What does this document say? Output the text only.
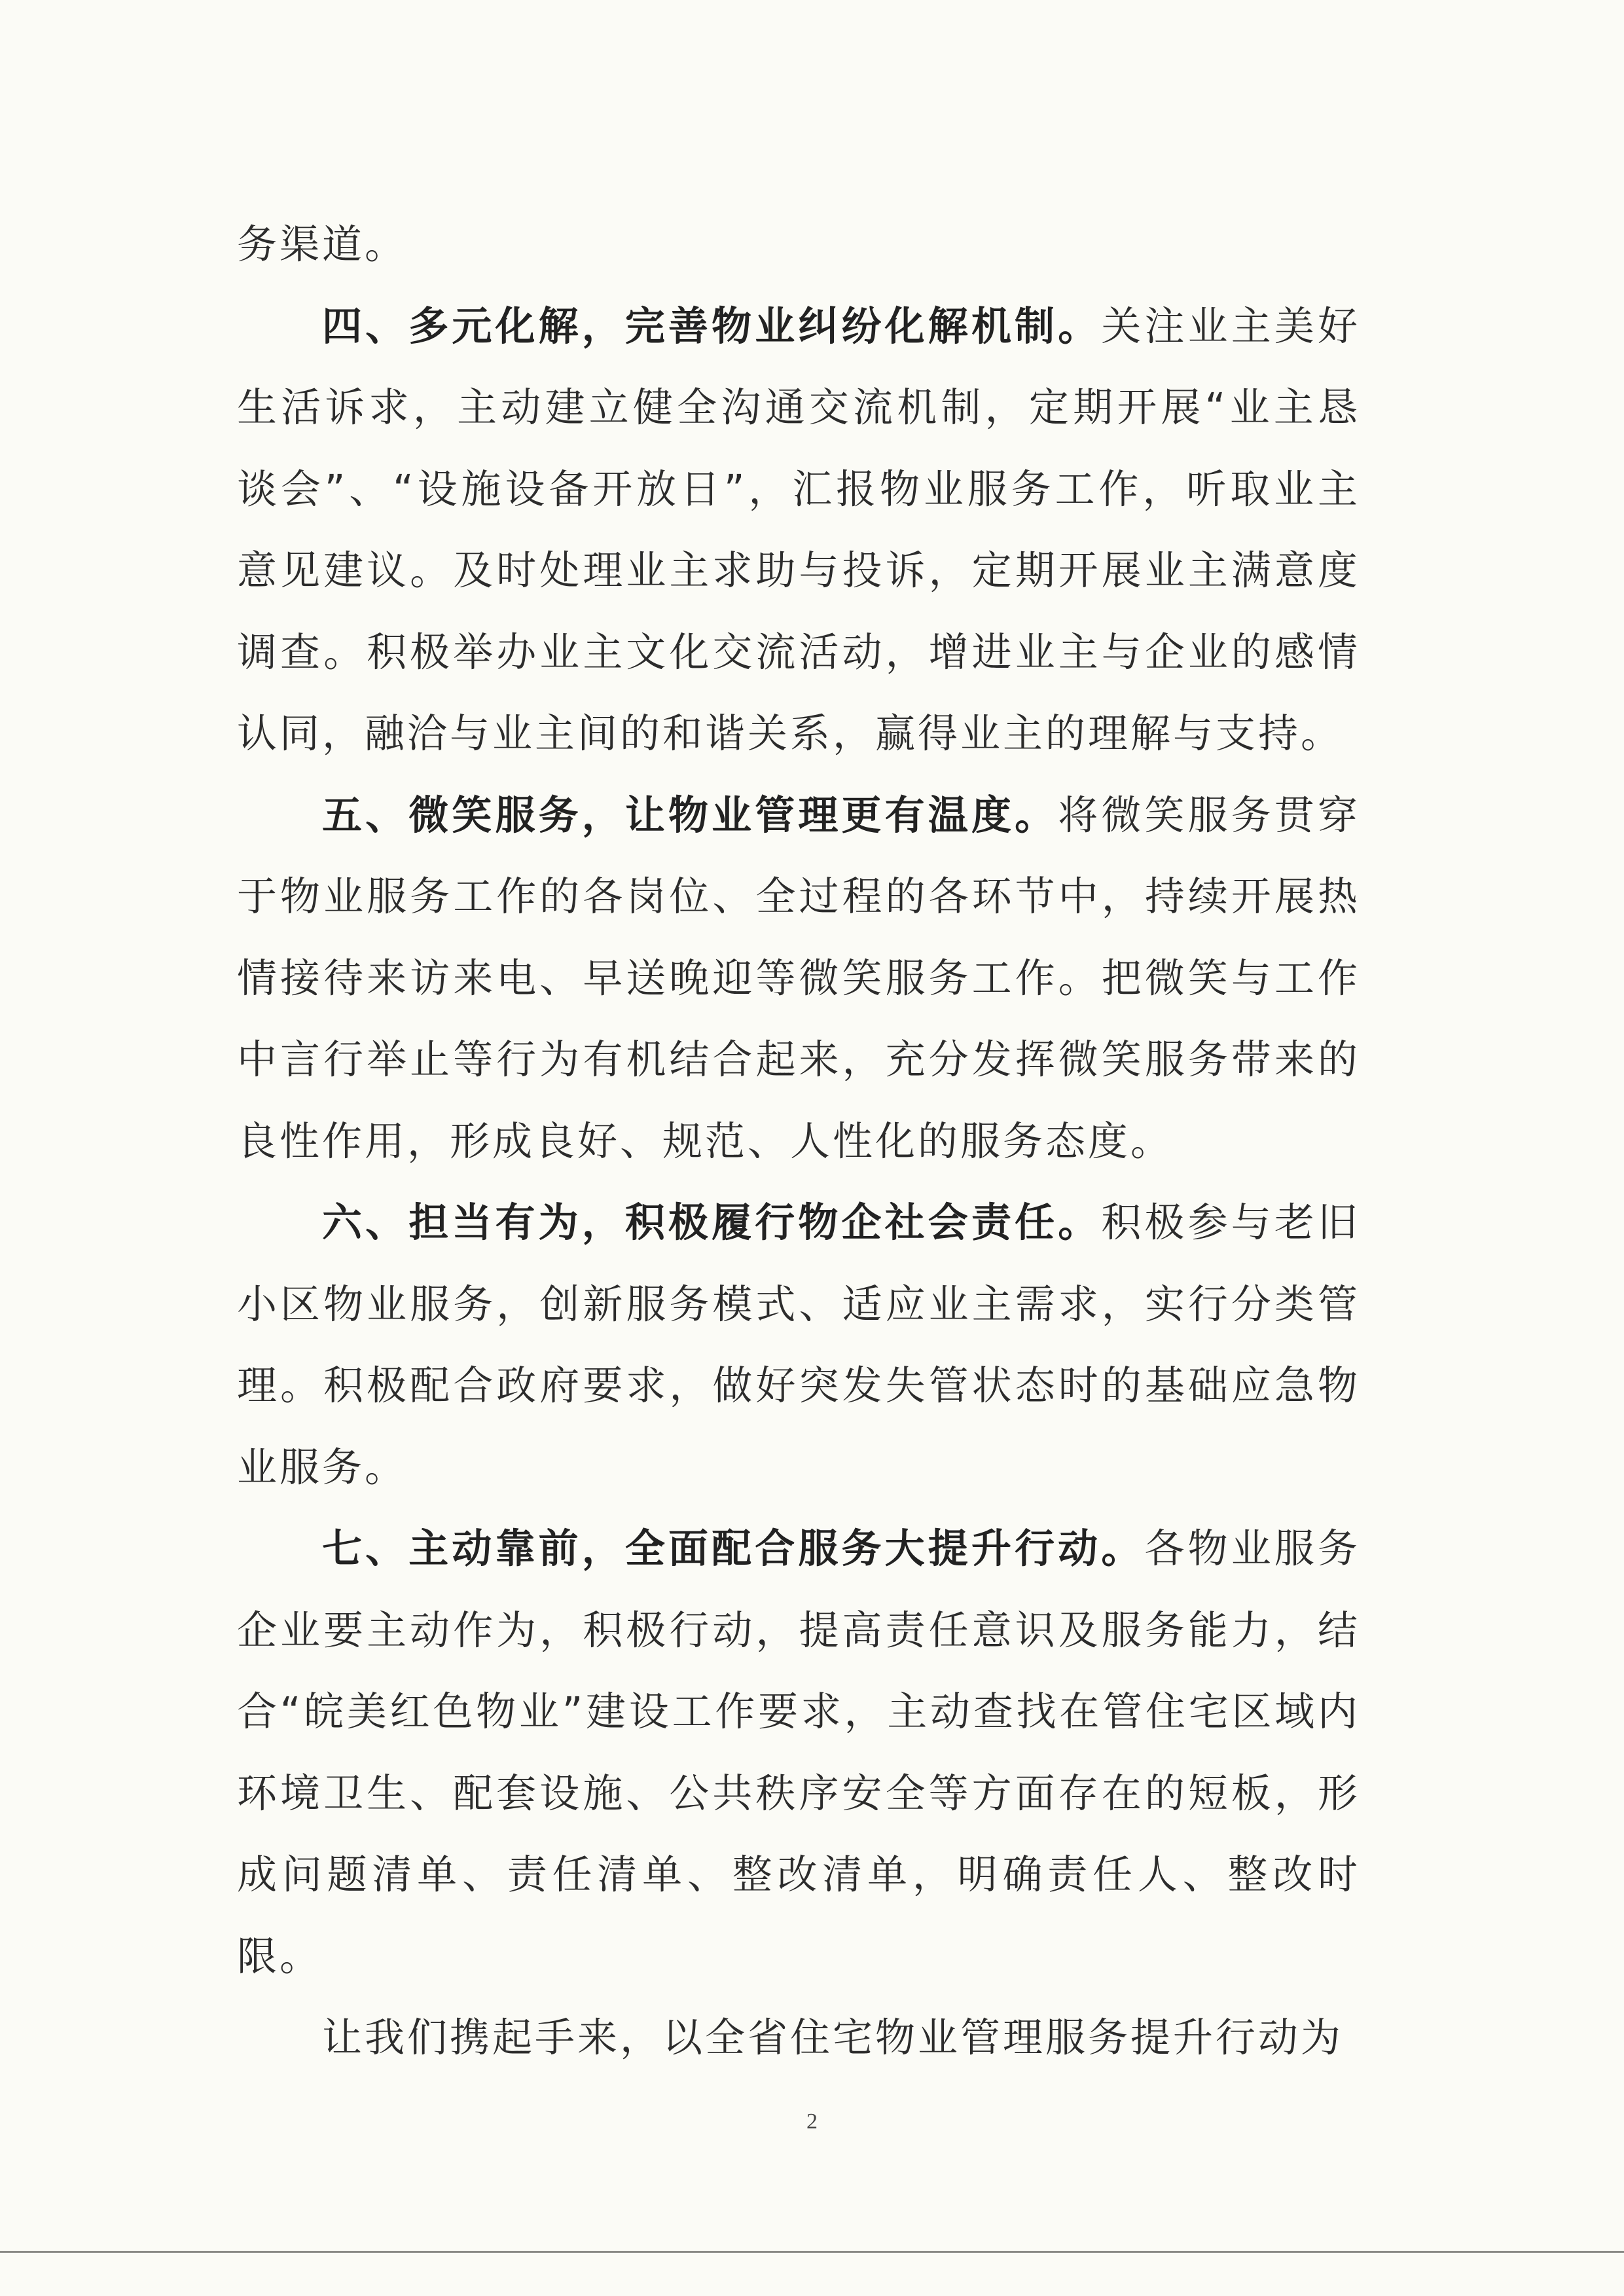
务渠道。

四、多元化解，完善物业纠纷化解机制。关注业主美好生活诉求，主动建立健全沟通交流机制，定期开展“业主恳谈会”、“设施设备开放日”，汇报物业服务工作，听取业主意见建议。及时处理业主求助与投诉，定期开展业主满意度调查。积极举办业主文化交流活动，增进业主与企业的感情认同，融洽与业主间的和谐关系，赢得业主的理解与支持。

五、微笑服务，让物业管理更有温度。将微笑服务贯穿于物业服务工作的各岗位、全过程的各环节中，持续开展热情接待来访来电、早送晚迎等微笑服务工作。把微笑与工作中言行举止等行为有机结合起来，充分发挥微笑服务带来的良性作用，形成良好、规范、人性化的服务态度。

六、担当有为，积极履行物企社会责任。积极参与老旧小区物业服务，创新服务模式、适应业主需求，实行分类管理。积极配合政府要求，做好突发失管状态时的基础应急物业服务。

七、主动靠前，全面配合服务大提升行动。各物业服务企业要主动作为，积极行动，提高责任意识及服务能力，结合“皖美红色物业”建设工作要求，主动查找在管住宅区域内环境卫生、配套设施、公共秩序安全等方面存在的短板，形成问题清单、责任清单、整改清单，明确责任人、整改时限。

让我们携起手来，以全省住宅物业管理服务提升行动为

2
